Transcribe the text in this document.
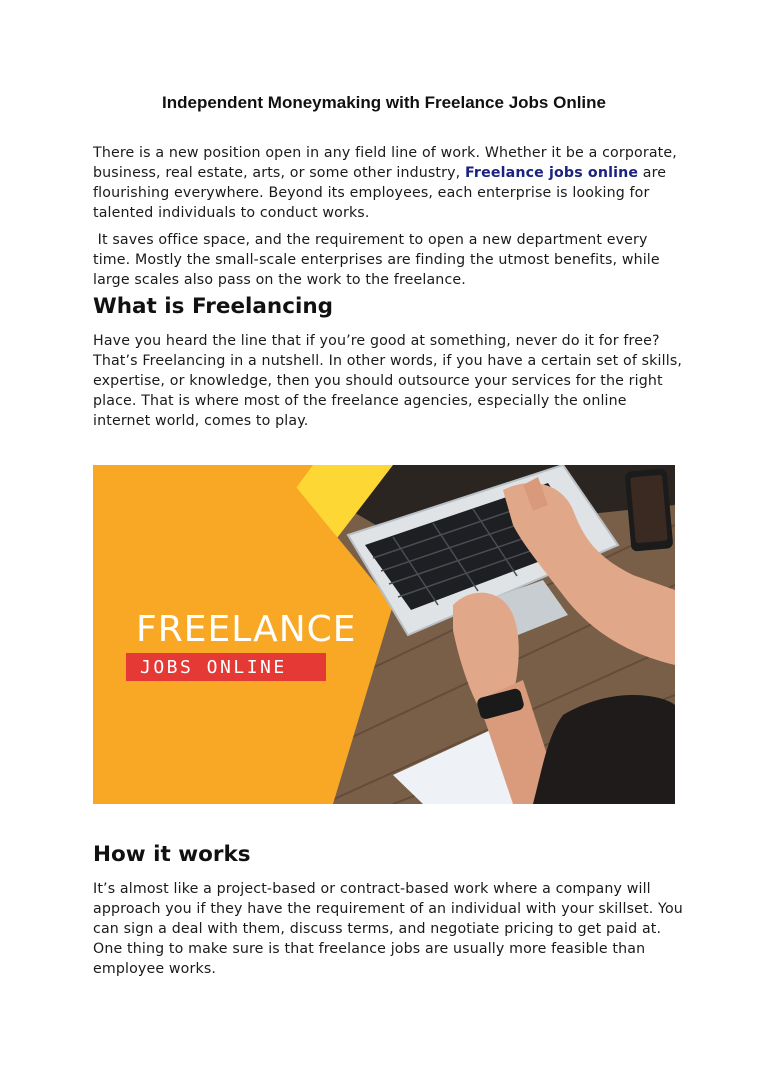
Independent Moneymaking with Freelance Jobs Online

There is a new position open in any field line of work. Whether it be a corporate, business, real estate, arts, or some other industry, Freelance jobs online are flourishing everywhere. Beyond its employees, each enterprise is looking for talented individuals to conduct works.

It saves office space, and the requirement to open a new department every time. Mostly the small-scale enterprises are finding the utmost benefits, while large scales also pass on the work to the freelance.

What is Freelancing

Have you heard the line that if you’re good at something, never do it for free? That’s Freelancing in a nutshell. In other words, if you have a certain set of skills, expertise, or knowledge, then you should outsource your services for the right place. That is where most of the freelance agencies, especially the online internet world, comes to play.

FREELANCE
JOBS ONLINE
How it works

It’s almost like a project-based or contract-based work where a company will approach you if they have the requirement of an individual with your skillset. You can sign a deal with them, discuss terms, and negotiate pricing to get paid at. One thing to make sure is that freelance jobs are usually more feasible than employee works.
